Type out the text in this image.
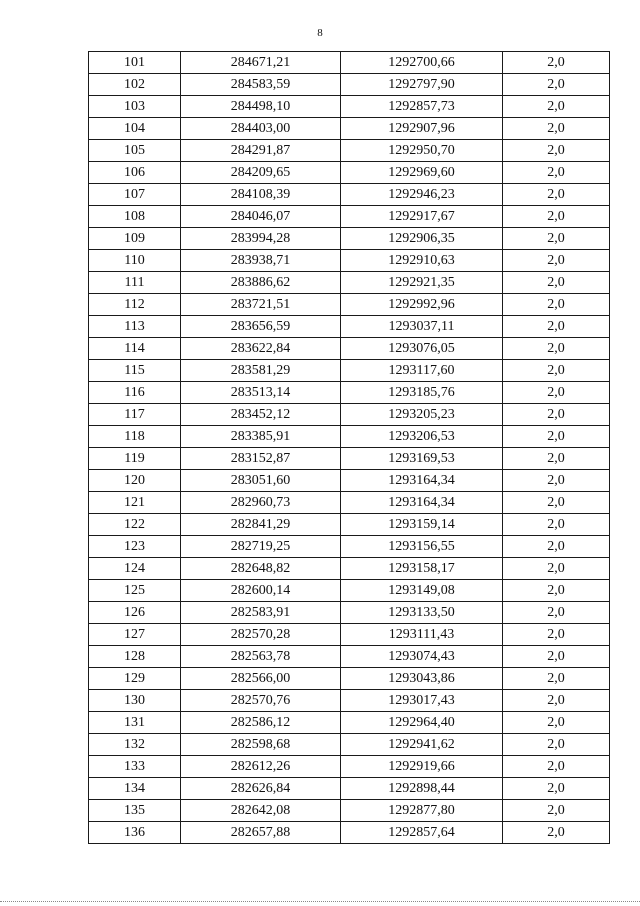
8
101	284671,21	1292700,66	2,0
102	284583,59	1292797,90	2,0
103	284498,10	1292857,73	2,0
104	284403,00	1292907,96	2,0
105	284291,87	1292950,70	2,0
106	284209,65	1292969,60	2,0
107	284108,39	1292946,23	2,0
108	284046,07	1292917,67	2,0
109	283994,28	1292906,35	2,0
110	283938,71	1292910,63	2,0
111	283886,62	1292921,35	2,0
112	283721,51	1292992,96	2,0
113	283656,59	1293037,11	2,0
114	283622,84	1293076,05	2,0
115	283581,29	1293117,60	2,0
116	283513,14	1293185,76	2,0
117	283452,12	1293205,23	2,0
118	283385,91	1293206,53	2,0
119	283152,87	1293169,53	2,0
120	283051,60	1293164,34	2,0
121	282960,73	1293164,34	2,0
122	282841,29	1293159,14	2,0
123	282719,25	1293156,55	2,0
124	282648,82	1293158,17	2,0
125	282600,14	1293149,08	2,0
126	282583,91	1293133,50	2,0
127	282570,28	1293111,43	2,0
128	282563,78	1293074,43	2,0
129	282566,00	1293043,86	2,0
130	282570,76	1293017,43	2,0
131	282586,12	1292964,40	2,0
132	282598,68	1292941,62	2,0
133	282612,26	1292919,66	2,0
134	282626,84	1292898,44	2,0
135	282642,08	1292877,80	2,0
136	282657,88	1292857,64	2,0
